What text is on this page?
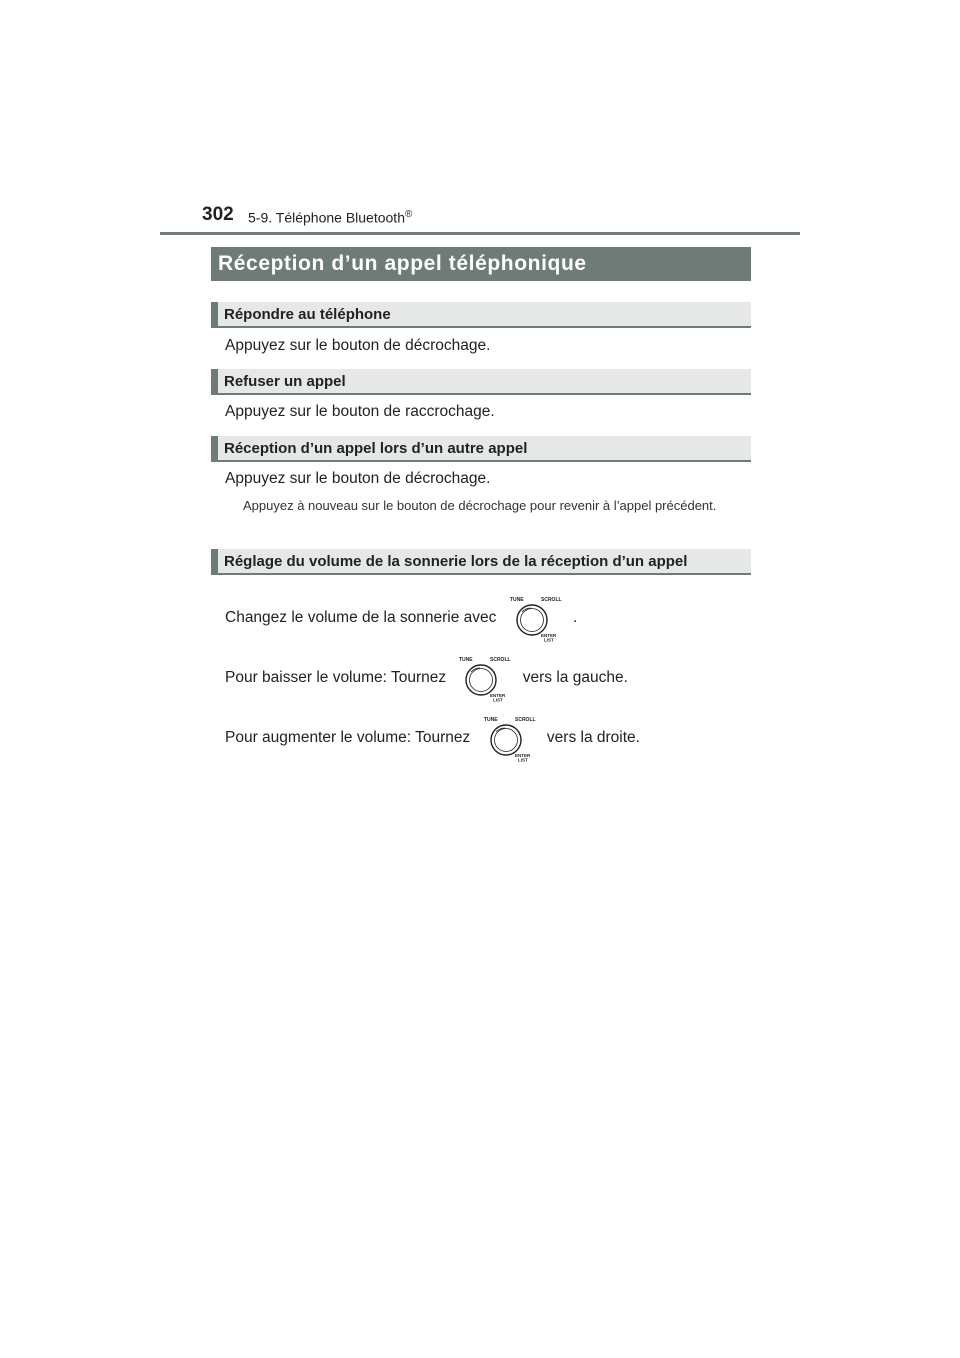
302 5-9. Téléphone Bluetooth®
Réception d’un appel téléphonique
Répondre au téléphone
Appuyez sur le bouton de décrochage.
Refuser un appel
Appuyez sur le bouton de raccrochage.
Réception d’un appel lors d’un autre appel
Appuyez sur le bouton de décrochage.
Appuyez à nouveau sur le bouton de décrochage pour revenir à l’appel précédent.
Réglage du volume de la sonnerie lors de la réception d’un appel
Changez le volume de la sonnerie avec
TUNE	SCROLL
ENTER
LIST
.
Pour baisser le volume: Tournez
TUNE	SCROLL
ENTER
LIST
vers la gauche.
Pour augmenter le volume: Tournez
TUNE	SCROLL
ENTER
LIST
vers la droite.
